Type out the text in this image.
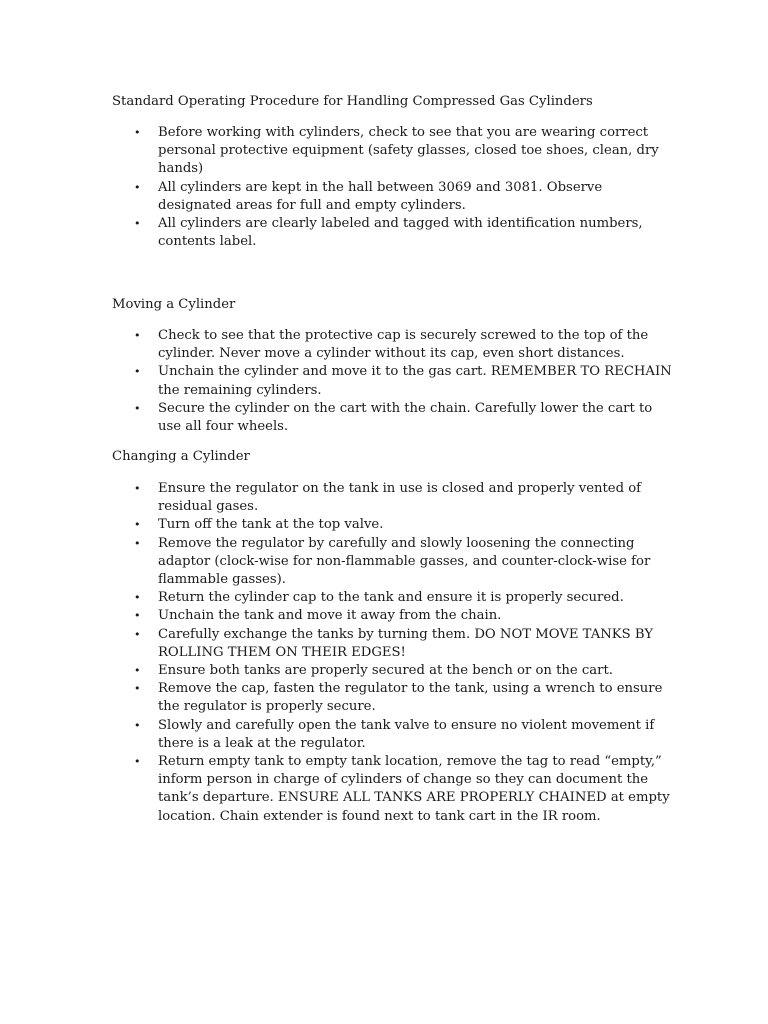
Standard Operating Procedure for Handling Compressed Gas Cylinders
• Before working with cylinders, check to see that you are wearing correct personal protective equipment (safety glasses, closed toe shoes, clean, dry hands)
• All cylinders are kept in the hall between 3069 and 3081. Observe designated areas for full and empty cylinders.
• All cylinders are clearly labeled and tagged with identification numbers, contents label.
Moving a Cylinder
• Check to see that the protective cap is securely screwed to the top of the cylinder. Never move a cylinder without its cap, even short distances.
• Unchain the cylinder and move it to the gas cart. REMEMBER TO RECHAIN the remaining cylinders.
• Secure the cylinder on the cart with the chain. Carefully lower the cart to use all four wheels.
Changing a Cylinder
• Ensure the regulator on the tank in use is closed and properly vented of residual gases.
• Turn off the tank at the top valve.
• Remove the regulator by carefully and slowly loosening the connecting adaptor (clock-wise for non-flammable gasses, and counter-clock-wise for flammable gasses).
• Return the cylinder cap to the tank and ensure it is properly secured.
• Unchain the tank and move it away from the chain.
• Carefully exchange the tanks by turning them. DO NOT MOVE TANKS BY ROLLING THEM ON THEIR EDGES!
• Ensure both tanks are properly secured at the bench or on the cart.
• Remove the cap, fasten the regulator to the tank, using a wrench to ensure the regulator is properly secure.
• Slowly and carefully open the tank valve to ensure no violent movement if there is a leak at the regulator.
• Return empty tank to empty tank location, remove the tag to read “empty,” inform person in charge of cylinders of change so they can document the tank’s departure. ENSURE ALL TANKS ARE PROPERLY CHAINED at empty location. Chain extender is found next to tank cart in the IR room.
